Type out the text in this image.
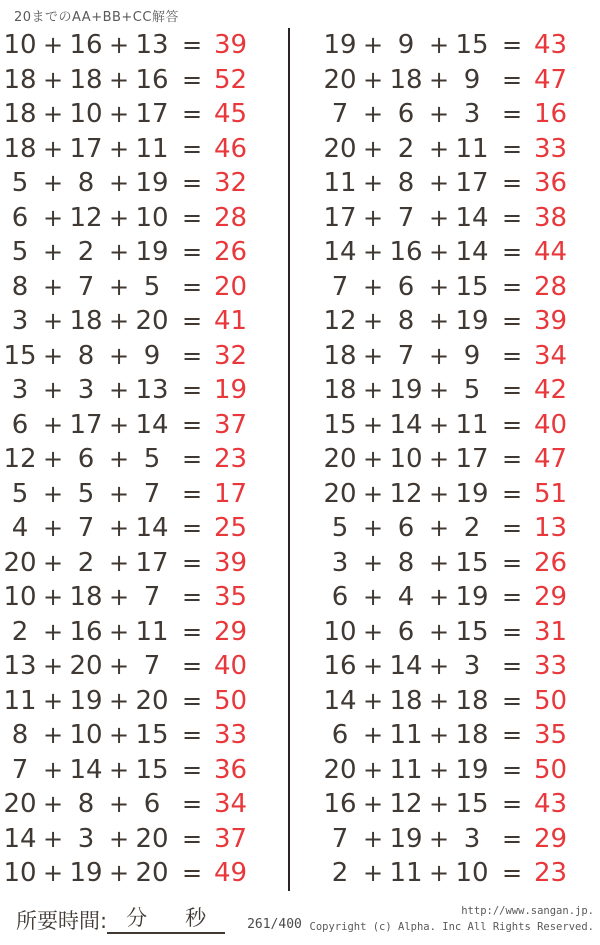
20までのAA+BB+CC解答
10 + 16 + 13 = 39
18 + 18 + 16 = 52
18 + 10 + 17 = 45
18 + 17 + 11 = 46
5 + 8 + 19 = 32
6 + 12 + 10 = 28
5 + 2 + 19 = 26
8 + 7 + 5 = 20
3 + 18 + 20 = 41
15 + 8 + 9 = 32
3 + 3 + 13 = 19
6 + 17 + 14 = 37
12 + 6 + 5 = 23
5 + 5 + 7 = 17
4 + 7 + 14 = 25
20 + 2 + 17 = 39
10 + 18 + 7 = 35
2 + 16 + 11 = 29
13 + 20 + 7 = 40
11 + 19 + 20 = 50
8 + 10 + 15 = 33
7 + 14 + 15 = 36
20 + 8 + 6 = 34
14 + 3 + 20 = 37
10 + 19 + 20 = 49
19 + 9 + 15 = 43
20 + 18 + 9 = 47
7 + 6 + 3 = 16
20 + 2 + 11 = 33
11 + 8 + 17 = 36
17 + 7 + 14 = 38
14 + 16 + 14 = 44
7 + 6 + 15 = 28
12 + 8 + 19 = 39
18 + 7 + 9 = 34
18 + 19 + 5 = 42
15 + 14 + 11 = 40
20 + 10 + 17 = 47
20 + 12 + 19 = 51
5 + 6 + 2 = 13
3 + 8 + 15 = 26
6 + 4 + 19 = 29
10 + 6 + 15 = 31
16 + 14 + 3 = 33
14 + 18 + 18 = 50
6 + 11 + 18 = 35
20 + 11 + 19 = 50
16 + 12 + 15 = 43
7 + 19 + 3 = 29
2 + 11 + 10 = 23
所要時間: 分 秒	261/400
http://www.sangan.jp.
Copyright (c) Alpha. Inc All Rights Reserved.
